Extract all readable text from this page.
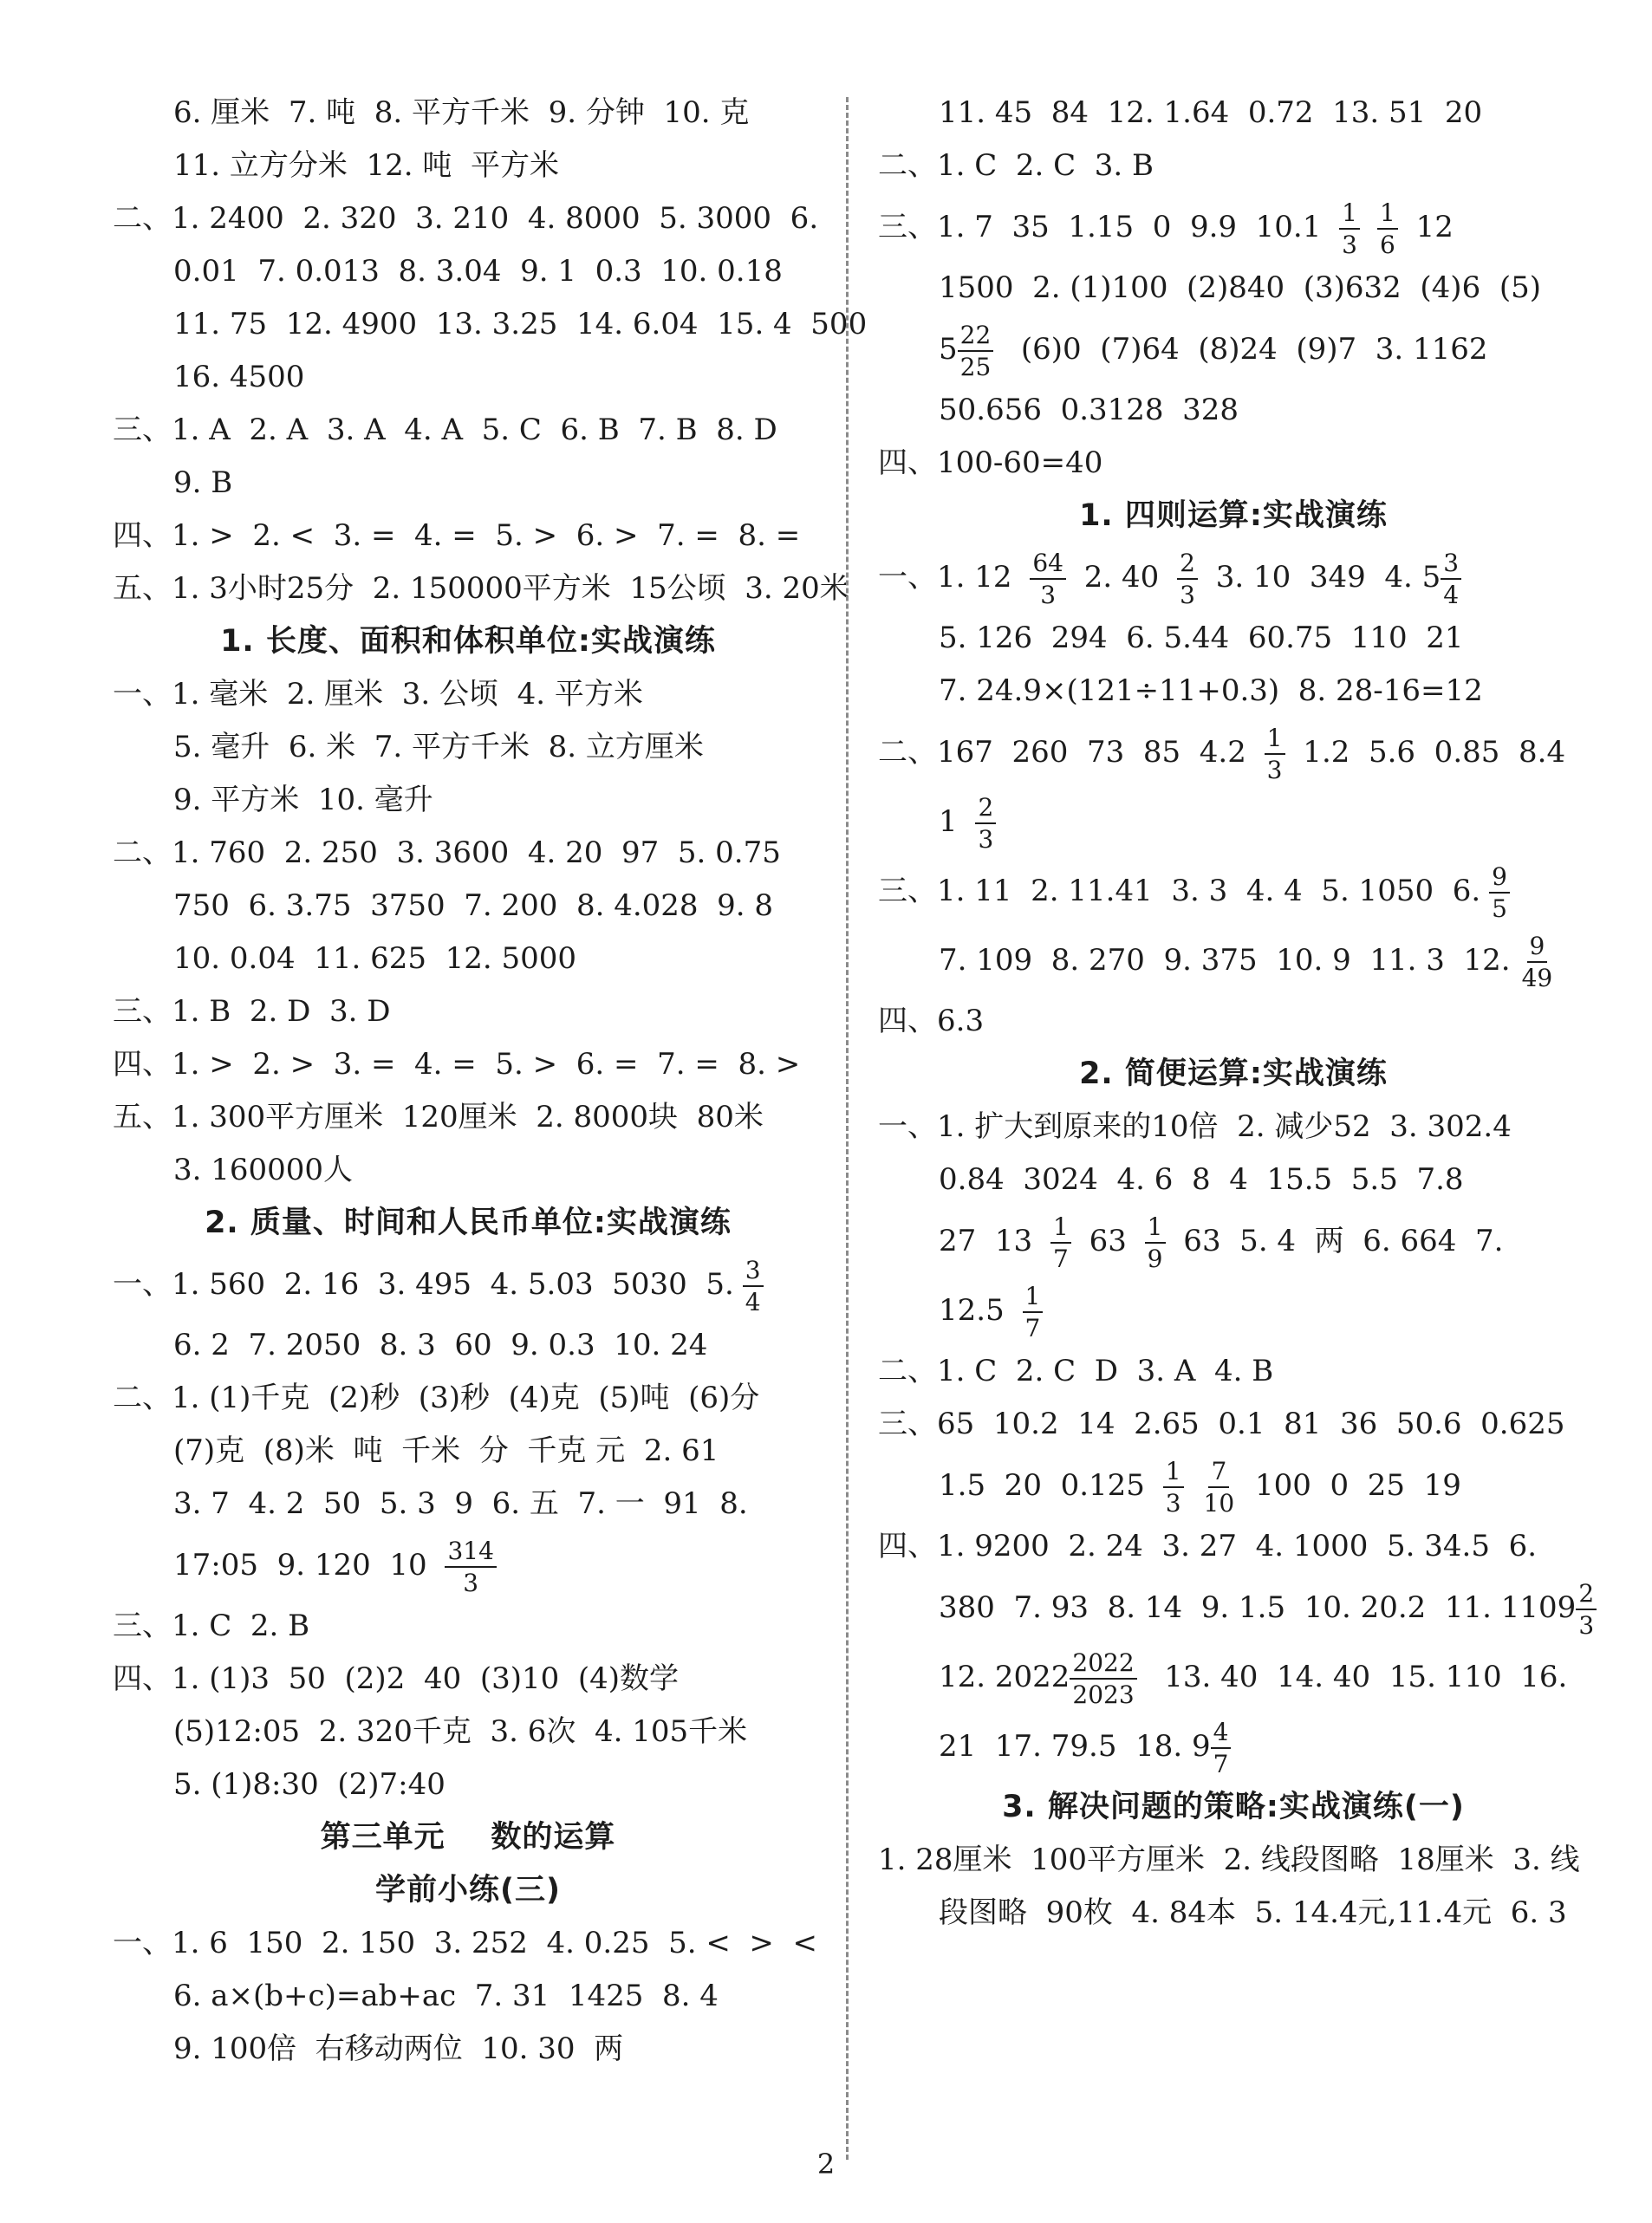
6. 厘米  7. 吨  8. 平方千米  9. 分钟  10. 克
11. 立方分米  12. 吨  平方米
二、1. 2400  2. 320  3. 210  4. 8000  5. 3000  6.
0.01  7. 0.013  8. 3.04  9. 1  0.3  10. 0.18
11. 75  12. 4900  13. 3.25  14. 6.04  15. 4  500
16. 4500
三、1. A  2. A  3. A  4. A  5. C  6. B  7. B  8. D
9. B
四、1. >  2. <  3. =  4. =  5. >  6. >  7. =  8. =
五、1. 3小时25分  2. 150000平方米  15公顷  3. 20米
1. 长度、面积和体积单位:实战演练
一、1. 毫米  2. 厘米  3. 公顷  4. 平方米
5. 毫升  6. 米  7. 平方千米  8. 立方厘米
9. 平方米  10. 毫升
二、1. 760  2. 250  3. 3600  4. 20  97  5. 0.75
750  6. 3.75  3750  7. 200  8. 4.028  9. 8
10. 0.04  11. 625  12. 5000
三、1. B  2. D  3. D
四、1. >  2. >  3. =  4. =  5. >  6. =  7. =  8. >
五、1. 300平方厘米  120厘米  2. 8000块  80米
3. 160000人
2. 质量、时间和人民币单位:实战演练
一、1. 560  2. 16  3. 495  4. 5.03  5030  5. $\frac{3}{4}$
6. 2  7. 2050  8. 3  60  9. 0.3  10. 24
二、1. (1)千克  (2)秒  (3)秒  (4)克  (5)吨  (6)分
(7)克  (8)米  吨  千米  分  千克 元  2. 61
3. 7  4. 2  50  5. 3  9  6. 五  7. 一  91  8.
17:05  9. 120  $10 \frac{314}{3}$
三、1. C  2. B
四、1. (1)3  50  (2)2  40  (3)10  (4)数学
(5)12:05  2. 320千克  3. 6次  4. 105千米
5. (1)8:30  (2)7:40
第三单元    数的运算
学前小练(三)
一、1. 6  150  2. 150  3. 252  4. 0.25  5. <  >  <
6. a×(b+c)=ab+ac  7. 31  1425  8. 4
9. 100倍  右移动两位  10. 30  两
11. 45  84  12. 1.64  0.72  13. 51  20
二、1. C  2. C  3. B
三、1. 7  35  1.15  0  9.9  $10.1 \frac{1}{3} \frac{1}{6} 12$
1500  2. (1)100  (2)840  (3)632  (4)6  (5)
$5 \frac{22}{25} (6)0$  (7)64  (8)24  (9)7  3. 1162
50.656  0.3128  328
四、100-60=40
1. 四则运算:实战演练
一、1. $12 \frac{64}{3} 2$. $40 \frac{2}{3} 3$. 10  349  4. $5 \frac{3}{4}$
5. 126  294  6. 5.44  60.75  110  21
7. 24.9×(121÷11+0.3)  8. 28-16=12
二、167  260  73  85  $4.2 \frac{1}{3} 1.2$  5.6  0.85  8.4
$1 \frac{2}{3}$
三、1. 11  2. 11.41  3. 3  4. 4  5. 1050  6. $\frac{9}{5}$
7. 109  8. 270  9. 375  10. 9  11. 3  12. $\frac{9}{49}$
四、6.3
2. 简便运算:实战演练
一、1. 扩大到原来的10倍  2. 减少52  3. 302.4
0.84  3024  4. 6  8  4  15.5  5.5  7.8
27  $13 \frac{1}{7} 63 \frac{1}{9} 63$  5. 4  两  6. 664  7.
$12.5 \frac{1}{7}$
二、1. C  2. C  D  3. A  4. B
三、65  10.2  14  2.65  0.1  81  36  50.6  0.625
1.5  20  $0.125 \frac{1}{3} \frac{7}{10} 100$  0  25  19
四、1. 9200  2. 24  3. 27  4. 1000  5. 34.5  6.
380  7. 93  8. 14  9. 1.5  10. 20.2  11. $1109 \frac{2}{3}$
12. $2022 \frac{2022}{2023} 13$. 40  14. 40  15. 110  16.
21  17. 79.5  18. $9 \frac{4}{7}$
3. 解决问题的策略:实战演练(一)
1. 28厘米  100平方厘米  2. 线段图略  18厘米  3. 线
段图略  90枚  4. 84本  5. 14.4元,11.4元  6. 3
2
